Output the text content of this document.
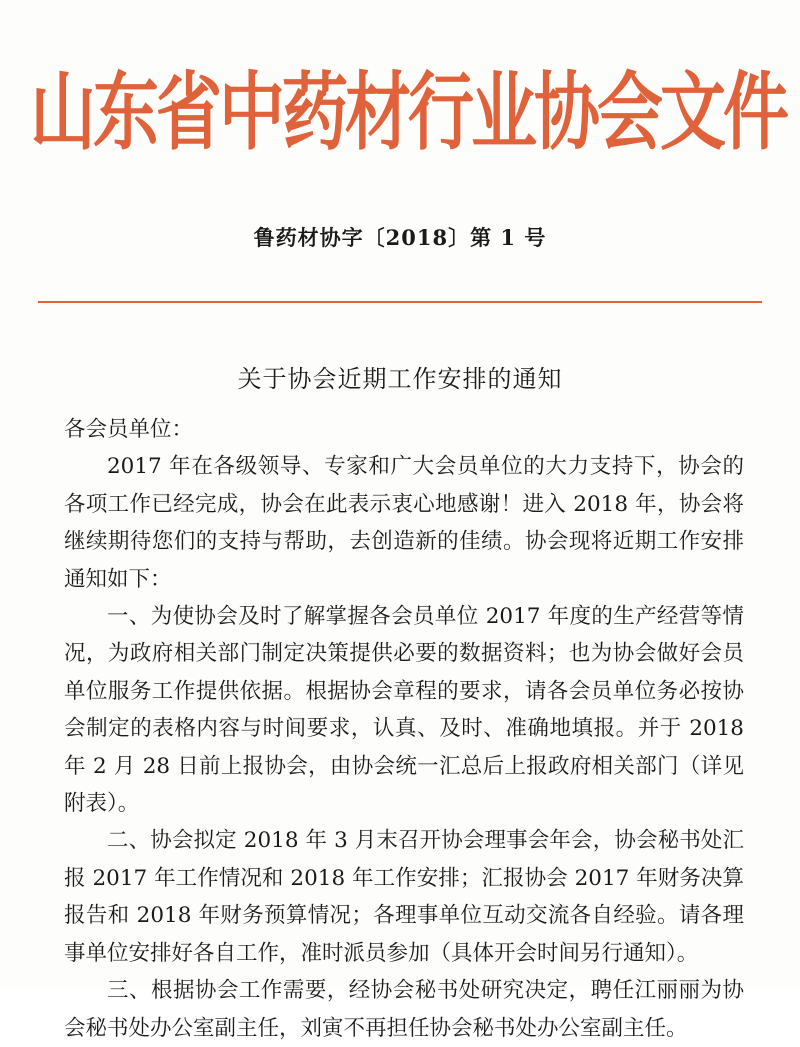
山东省中药材行业协会文件
鲁药材协字〔2018〕第 1 号
关于协会近期工作安排的通知

各会员单位：

2017 年在各级领导、专家和广大会员单位的大力支持下，协会的各项工作已经完成，协会在此表示衷心地感谢！进入 2018 年，协会将继续期待您们的支持与帮助，去创造新的佳绩。协会现将近期工作安排通知如下：

一、为使协会及时了解掌握各会员单位 2017 年度的生产经营等情况，为政府相关部门制定决策提供必要的数据资料；也为协会做好会员单位服务工作提供依据。根据协会章程的要求，请各会员单位务必按协会制定的表格内容与时间要求，认真、及时、准确地填报。并于 2018 年 2 月 28 日前上报协会，由协会统一汇总后上报政府相关部门（详见附表）。

二、协会拟定 2018 年 3 月末召开协会理事会年会，协会秘书处汇报 2017 年工作情况和 2018 年工作安排；汇报协会 2017 年财务决算报告和 2018 年财务预算情况；各理事单位互动交流各自经验。请各理事单位安排好各自工作，准时派员参加（具体开会时间另行通知）。

三、根据协会工作需要，经协会秘书处研究决定，聘任江丽丽为协会秘书处办公室副主任，刘寅不再担任协会秘书处办公室副主任。
